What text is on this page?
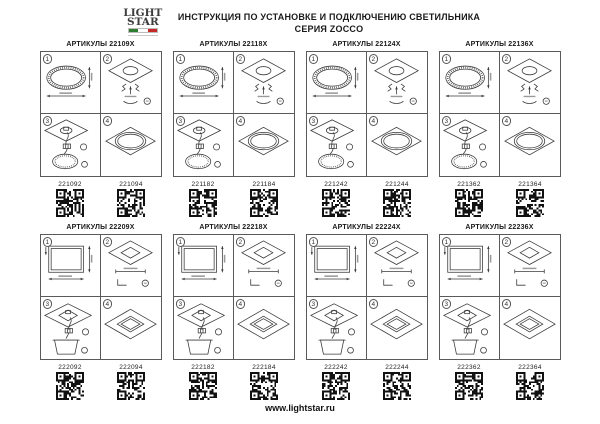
LIGHT
STAR	ИНСТРУКЦИЯ ПО УСТАНОВКЕ И ПОДКЛЮЧЕНИЮ СВЕТИЛЬНИКА
СЕРИЯ ZOCCO
АРТИКУЛЫ 22109X
1	2
3	4
221092	221094
АРТИКУЛЫ 22118X
1	2
3	4
221182	221184
АРТИКУЛЫ 22124X
1	2
3	4
221242	221244
АРТИКУЛЫ 22136X
1	2
3	4
221362	221364
АРТИКУЛЫ 22209X
1	2
3	4
222092	222094
АРТИКУЛЫ 22218X
1	2
3	4
222182	222184
АРТИКУЛЫ 22224X
1	2
3	4
222242	222244
АРТИКУЛЫ 22236X
1	2
3	4
222362	222364
www.lightstar.ru
